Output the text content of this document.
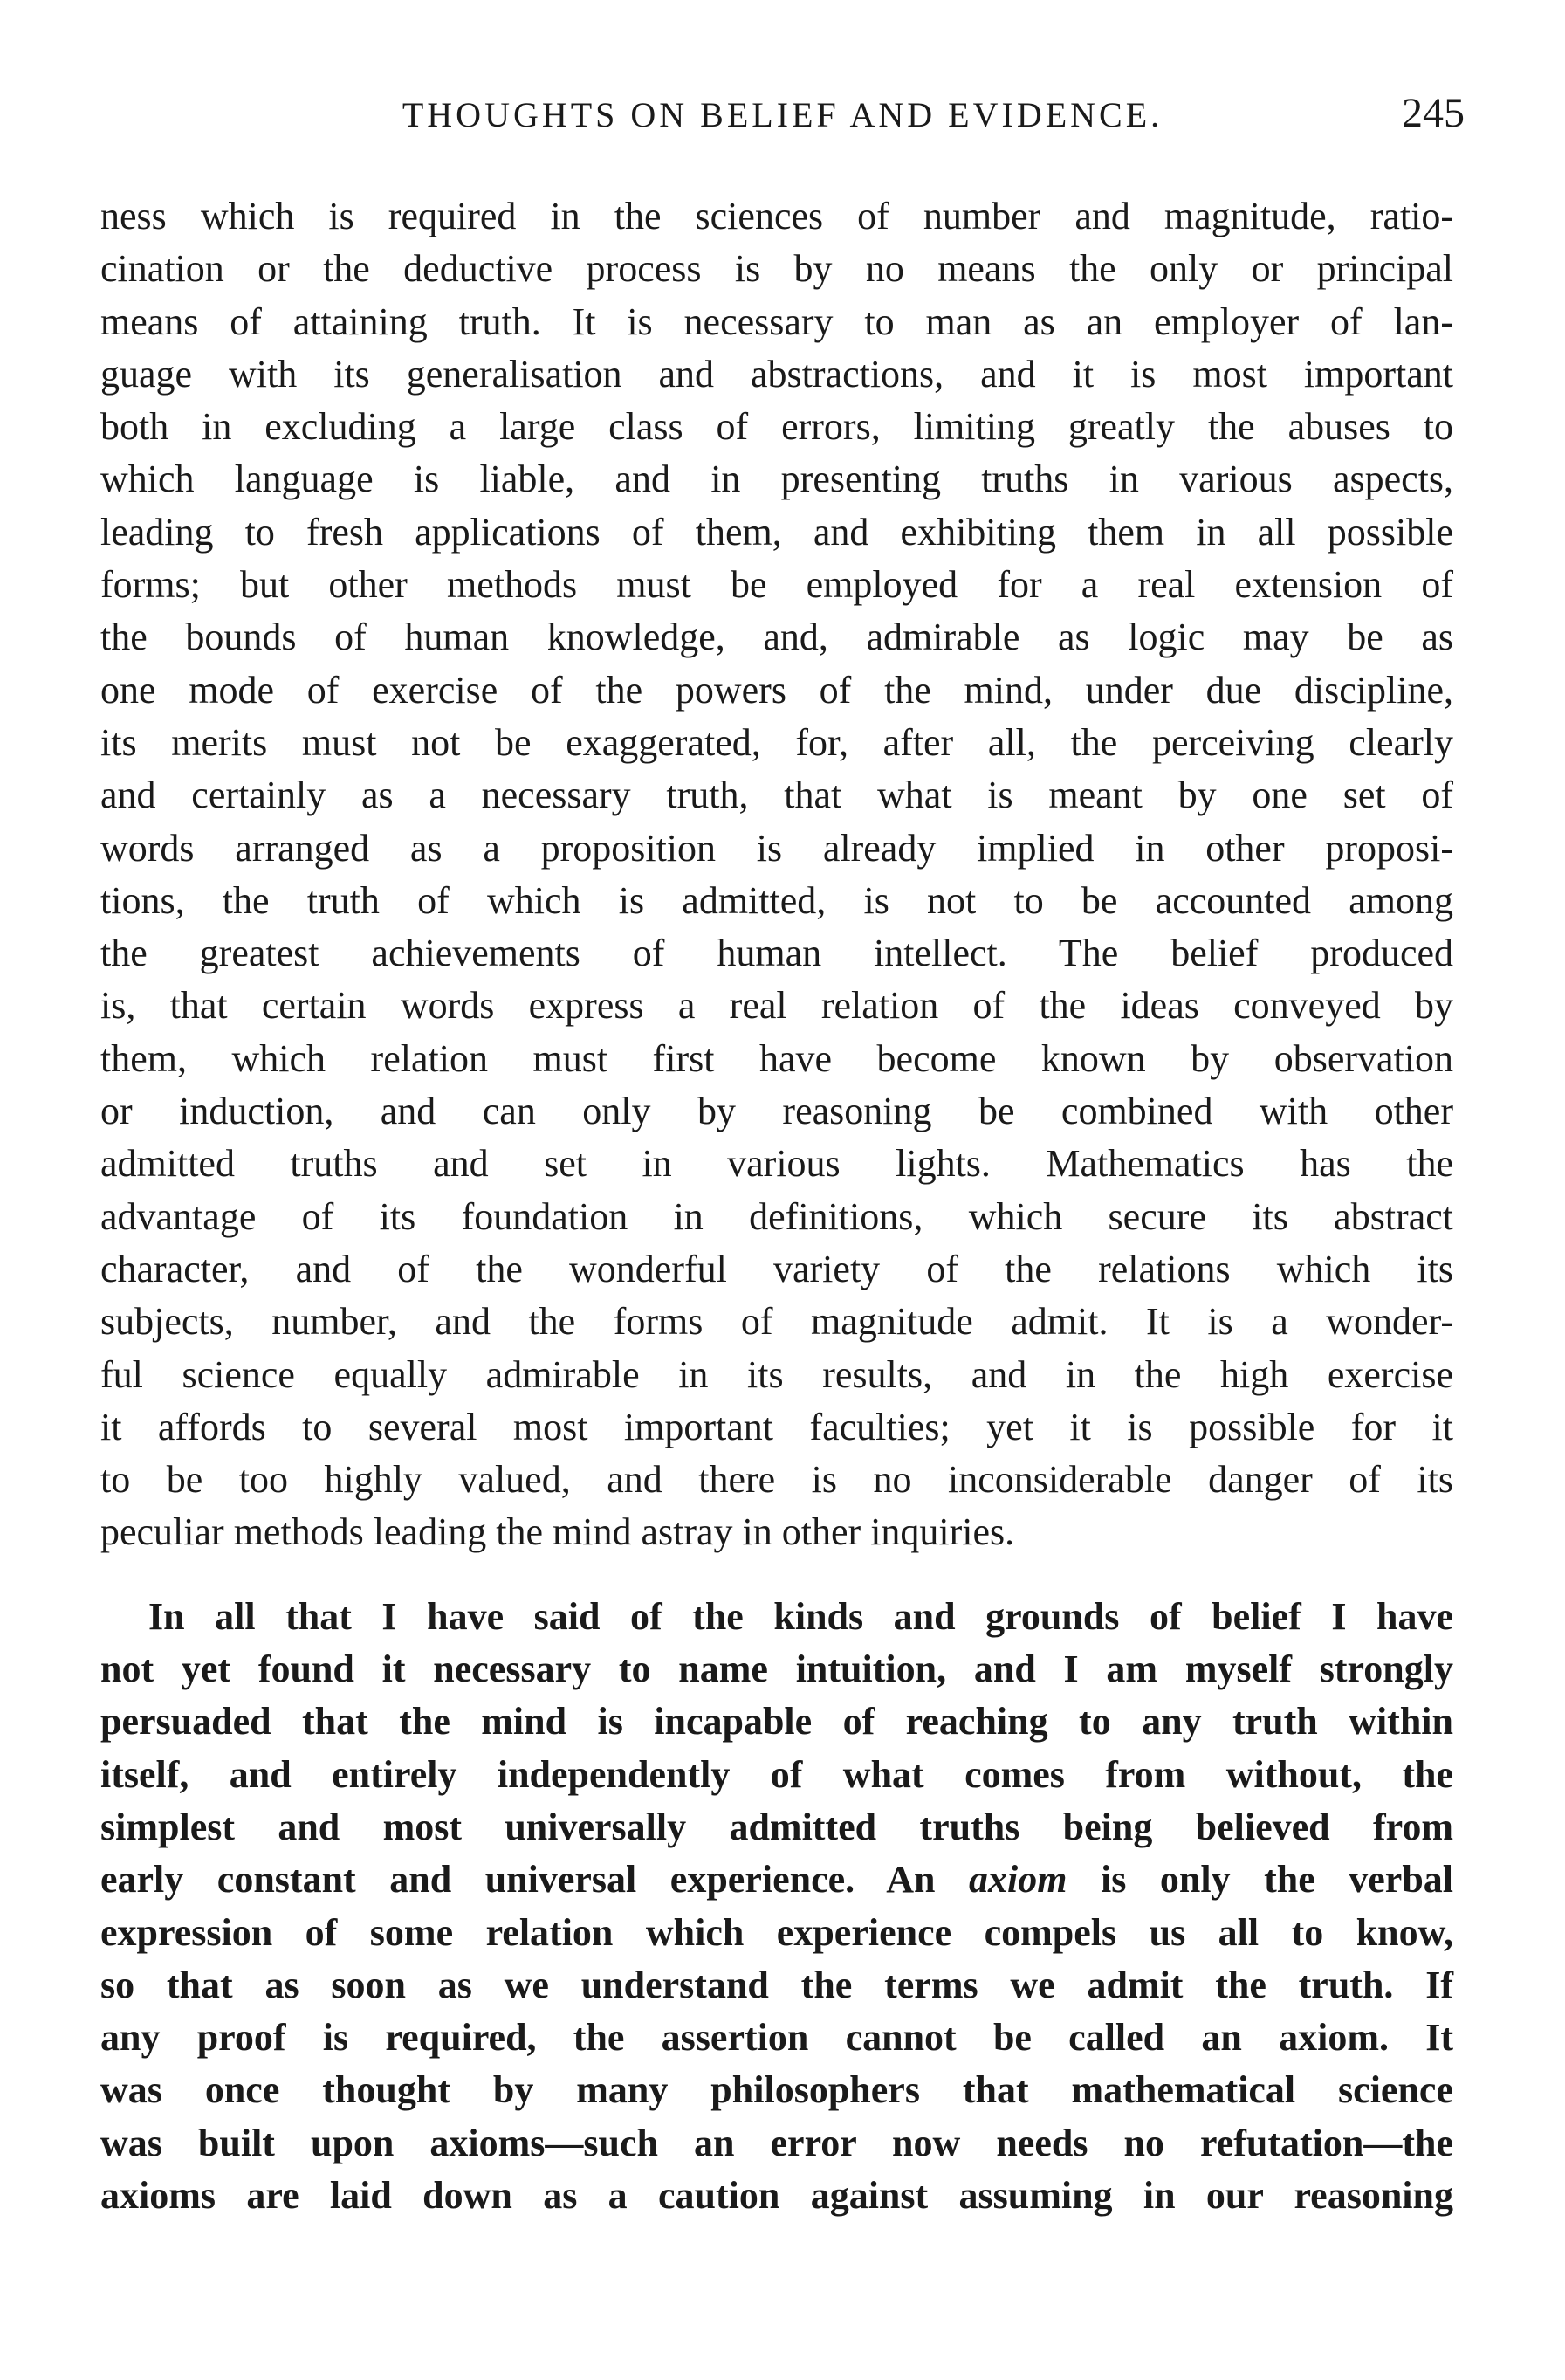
THOUGHTS ON BELIEF AND EVIDENCE.	245
ness which is required in the sciences of number and magnitude, ratio-
cination or the deductive process is by no means the only or principal
means of attaining truth. It is necessary to man as an employer of lan-
guage with its generalisation and abstractions, and it is most important
both in excluding a large class of errors, limiting greatly the abuses to
which language is liable, and in presenting truths in various aspects,
leading to fresh applications of them, and exhibiting them in all possible
forms; but other methods must be employed for a real extension of
the bounds of human knowledge, and, admirable as logic may be as
one mode of exercise of the powers of the mind, under due discipline,
its merits must not be exaggerated, for, after all, the perceiving clearly
and certainly as a necessary truth, that what is meant by one set of
words arranged as a proposition is already implied in other proposi-
tions, the truth of which is admitted, is not to be accounted among
the greatest achievements of human intellect. The belief produced
is, that certain words express a real relation of the ideas conveyed by
them, which relation must first have become known by observation
or induction, and can only by reasoning be combined with other
admitted truths and set in various lights. Mathematics has the
advantage of its foundation in definitions, which secure its abstract
character, and of the wonderful variety of the relations which its
subjects, number, and the forms of magnitude admit. It is a wonder-
ful science equally admirable in its results, and in the high exercise
it affords to several most important faculties; yet it is possible for it
to be too highly valued, and there is no inconsiderable danger of its
peculiar methods leading the mind astray in other inquiries.
In all that I have said of the kinds and grounds of belief I have
not yet found it necessary to name intuition, and I am myself strongly
persuaded that the mind is incapable of reaching to any truth within
itself, and entirely independently of what comes from without, the
simplest and most universally admitted truths being believed from
early constant and universal experience. An axiom is only the verbal
expression of some relation which experience compels us all to know,
so that as soon as we understand the terms we admit the truth. If
any proof is required, the assertion cannot be called an axiom. It
was once thought by many philosophers that mathematical science
was built upon axioms—such an error now needs no refutation—the
axioms are laid down as a caution against assuming in our reasoning
